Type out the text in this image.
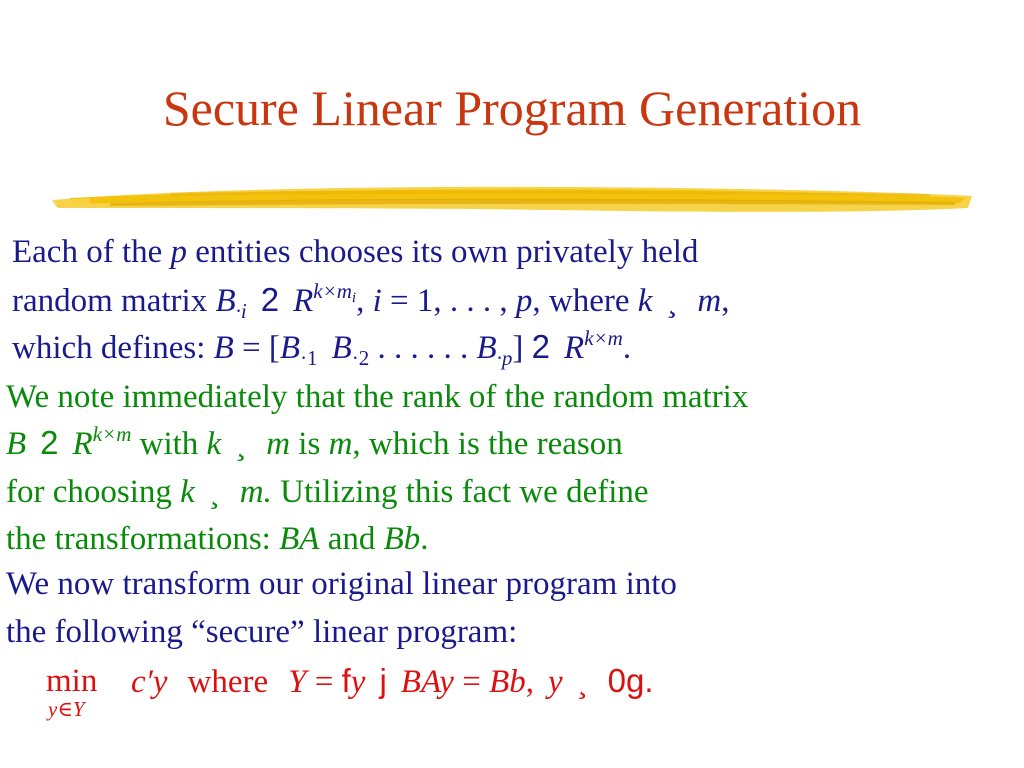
Secure Linear Program Generation
Each of the p entities chooses its own privately held
random matrix $B_{\cdot i}$ 2 $R^{k\times m_i}$, i = 1, . . . , p, where k ¸ m,
which defines: $B = [B_{\cdot 1}$ $B_{\cdot 2}$ . . . . . . $B_{\cdot p}$] 2 $R^{k\times m}$.
We note immediately that the rank of the random matrix
B 2 $R^{k\times m}$ with k ¸ m is m, which is the reason
for choosing k ¸ m. Utilizing this fact we define
the transformations: BA and Bb.
We now transform our original linear program into
the following “secure” linear program:
min
y∈Y
c′y where Y = fy j BAy = Bb, y ¸ 0g.
